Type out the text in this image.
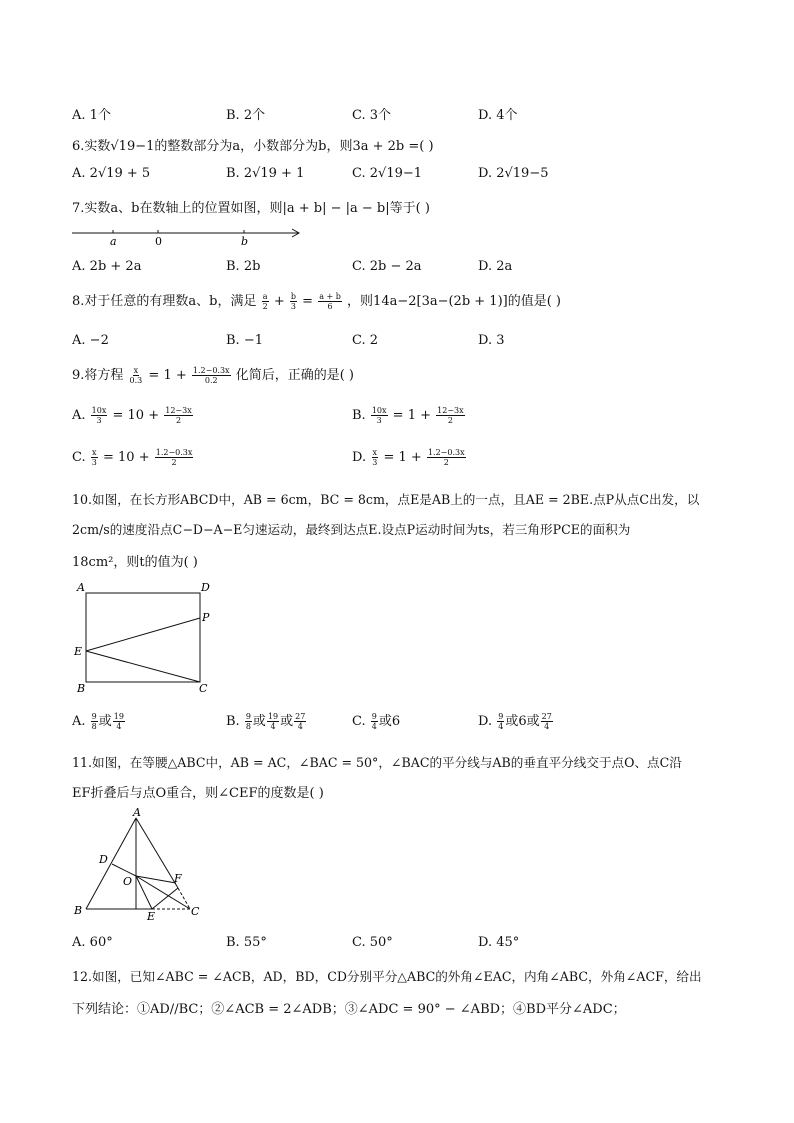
A. 1个	B. 2个	C. 3个	D. 4个
6.实数√19−1的整数部分为a，小数部分为b，则3a + 2b =( )
A. 2√19 + 5	B. 2√19 + 1	C. 2√19−1	D. 2√19−5
7.实数a、b在数轴上的位置如图，则|a + b| − |a − b|等于( )
a	0	b
A. 2b + 2a	B. 2b	C. 2b − 2a	D. 2a
8.对于任意的有理数a、b，满足 $\frac{a}{2} + \frac{b}{3} = \frac{a + b}{6}$ ，则14a−2[3a−(2b + 1)]的值是( )
A. −2	B. −1	C. 2	D. 3
9.将方程 $\frac{x}{0.3} = 1 + \frac{1.2-0.3x}{0.2}$ 化简后，正确的是( )
A. $\frac{10x}{3} = 10 + \frac{12-3x}{2}$	B. $\frac{10x}{3} = 1 + \frac{12-3x}{2}$
C. $\frac{x}{3} = 10 + \frac{1.2-0.3x}{2}$	D. $\frac{x}{3} = 1 + \frac{1.2-0.3x}{2}$
10.如图，在长方形ABCD中，AB = 6cm，BC = 8cm，点E是AB上的一点，且AE = 2BE.点P从点C出发，以
2cm/s的速度沿点C−D−A−E匀速运动，最终到达点E.设点P运动时间为ts，若三角形PCE的面积为
18cm²，则t的值为( )
A	D
P
E
B	C
A. $\frac{9}{8}$ 或 $\frac{19}{4}$	B. $\frac{9}{8}$ 或 $\frac{19}{4}$ 或 $\frac{27}{4}$	C. $\frac{9}{4}$ 或6	D. $\frac{9}{4}$ 或6或 $\frac{27}{4}$
11.如图，在等腰△ABC中，AB = AC，∠BAC = 50°，∠BAC的平分线与AB的垂直平分线交于点O、点C沿
EF折叠后与点O重合，则∠CEF的度数是( )
A
D
O	F
B	E	C
A. 60°	B. 55°	C. 50°	D. 45°
12.如图，已知∠ABC = ∠ACB，AD，BD，CD分别平分△ABC的外角∠EAC，内角∠ABC，外角∠ACF，给出
下列结论：①AD//BC；②∠ACB = 2∠ADB；③∠ADC = 90° − ∠ABD；④BD平分∠ADC；
